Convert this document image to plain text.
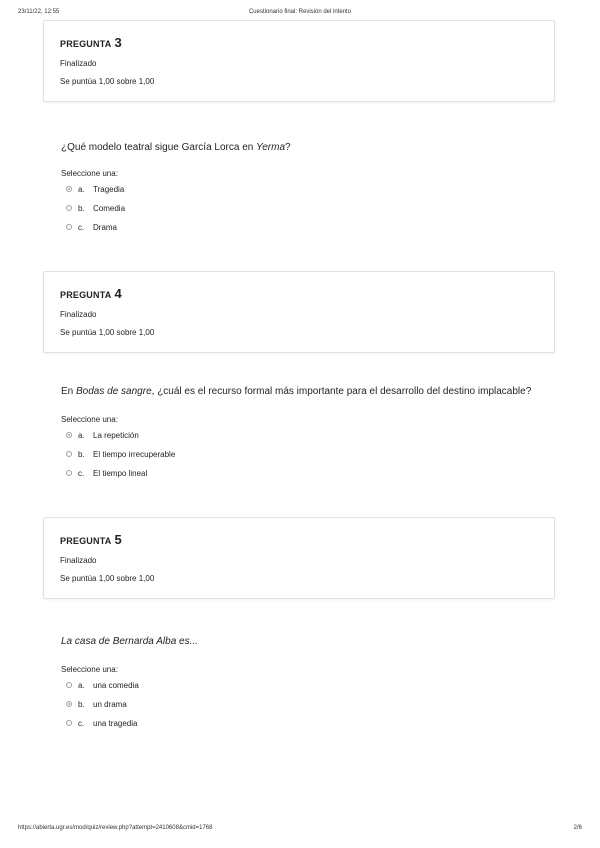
23/11/22, 12:55	Cuestionario final: Revisión del intento
PREGUNTA 3
Finalizado
Se puntúa 1,00 sobre 1,00
¿Qué modelo teatral sigue García Lorca en Yerma?
Seleccione una:
a.	Tragedia
b.	Comedia
c.	Drama
PREGUNTA 4
Finalizado
Se puntúa 1,00 sobre 1,00
En Bodas de sangre, ¿cuál es el recurso formal más importante para el desarrollo del destino implacable?
Seleccione una:
a.	La repetición
b.	El tiempo irrecuperable
c.	El tiempo lineal
PREGUNTA 5
Finalizado
Se puntúa 1,00 sobre 1,00
La casa de Bernarda Alba es...
Seleccione una:
a.	una comedia
b.	un drama
c.	una tragedia
https://abierta.ugr.es/mod/quiz/review.php?attempt=2410608&cmid=1768	2/6
